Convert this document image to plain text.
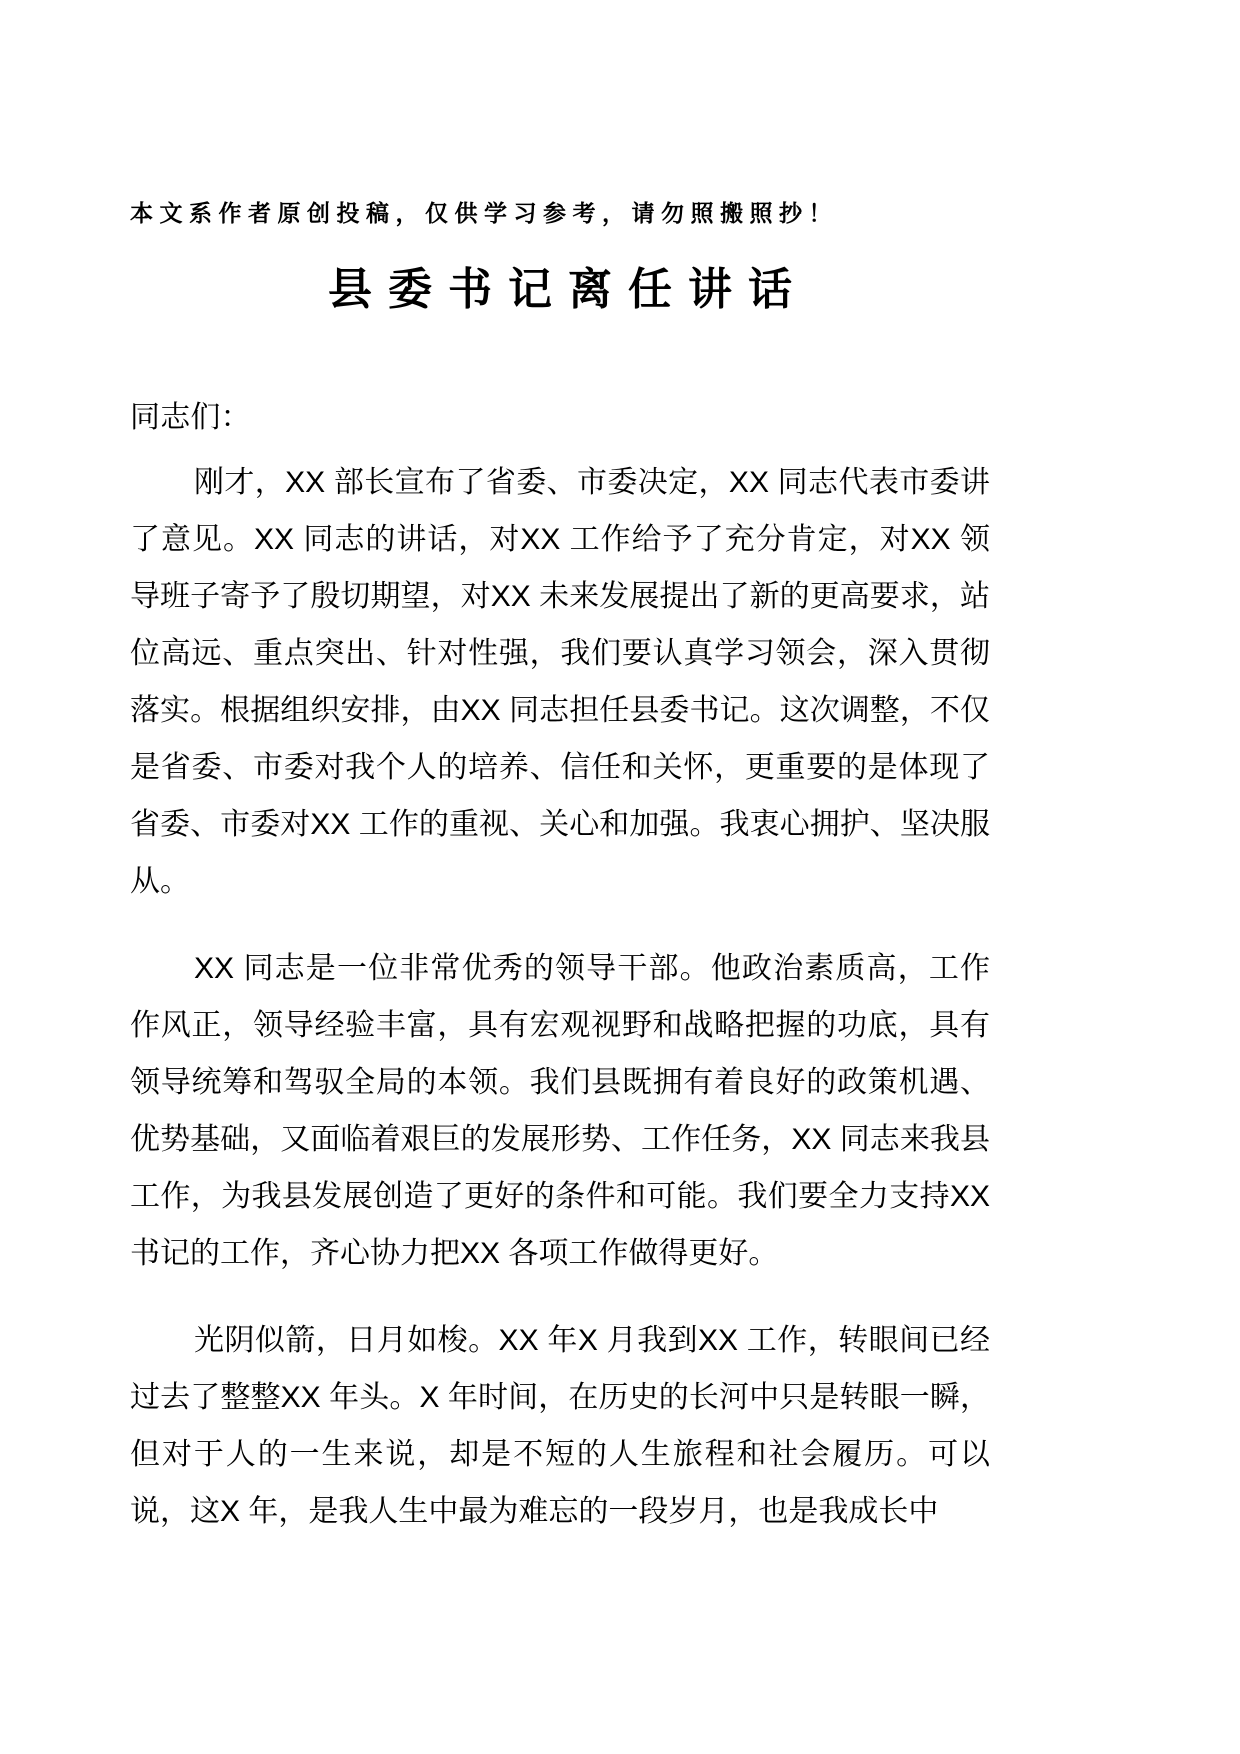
本文系作者原创投稿，仅供学习参考，请勿照搬照抄！
县委书记离任讲话
同志们：

刚才，XX 部长宣布了省委、市委决定，XX 同志代表市委讲了意见。XX 同志的讲话，对XX 工作给予了充分肯定，对XX 领导班子寄予了殷切期望，对XX 未来发展提出了新的更高要求，站位高远、重点突出、针对性强，我们要认真学习领会，深入贯彻落实。根据组织安排，由XX 同志担任县委书记。这次调整，不仅是省委、市委对我个人的培养、信任和关怀，更重要的是体现了省委、市委对XX 工作的重视、关心和加强。我衷心拥护、坚决服从。

XX 同志是一位非常优秀的领导干部。他政治素质高，工作作风正，领导经验丰富，具有宏观视野和战略把握的功底，具有领导统筹和驾驭全局的本领。我们县既拥有着良好的政策机遇、优势基础，又面临着艰巨的发展形势、工作任务，XX 同志来我县工作，为我县发展创造了更好的条件和可能。我们要全力支持XX 书记的工作，齐心协力把XX 各项工作做得更好。

光阴似箭，日月如梭。XX 年X 月我到XX 工作，转眼间已经过去了整整XX 年头。X 年时间，在历史的长河中只是转眼一瞬，但对于人的一生来说，却是不短的人生旅程和社会履历。可以说，这X 年，是我人生中最为难忘的一段岁月，也是我成长中
